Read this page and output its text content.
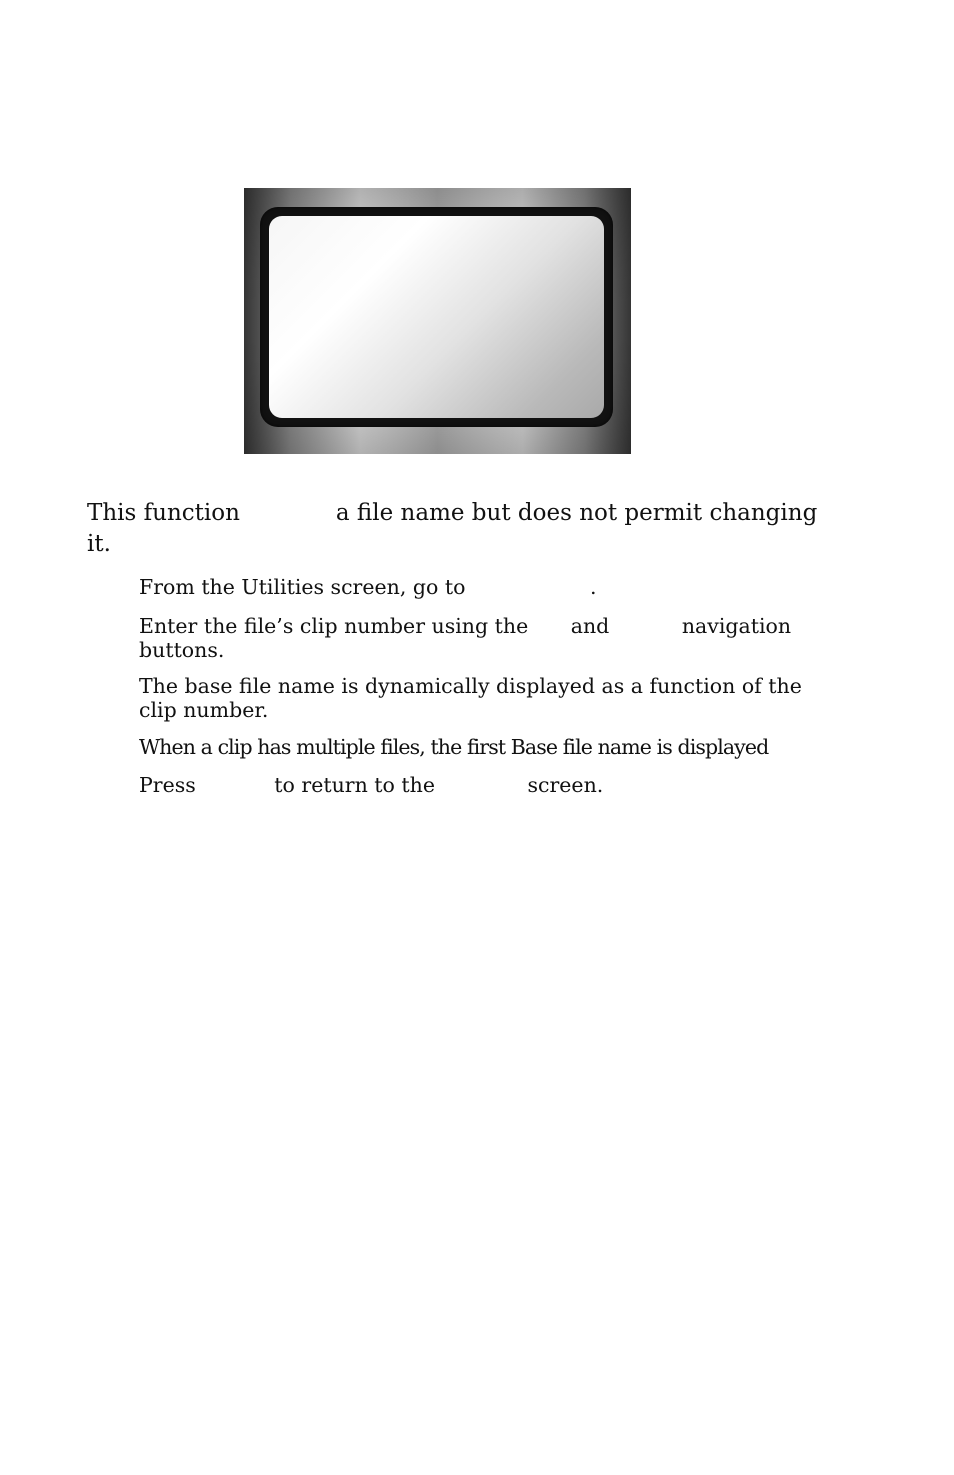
This function	a file name but does not permit changing it.

From the Utilities screen, go to	.
Enter the file’s clip number using the and	navigation buttons.
The base file name is dynamically displayed as a function of the clip number.
When a clip has multiple files, the first Base file name is displayed
Press	to return to the	screen.
